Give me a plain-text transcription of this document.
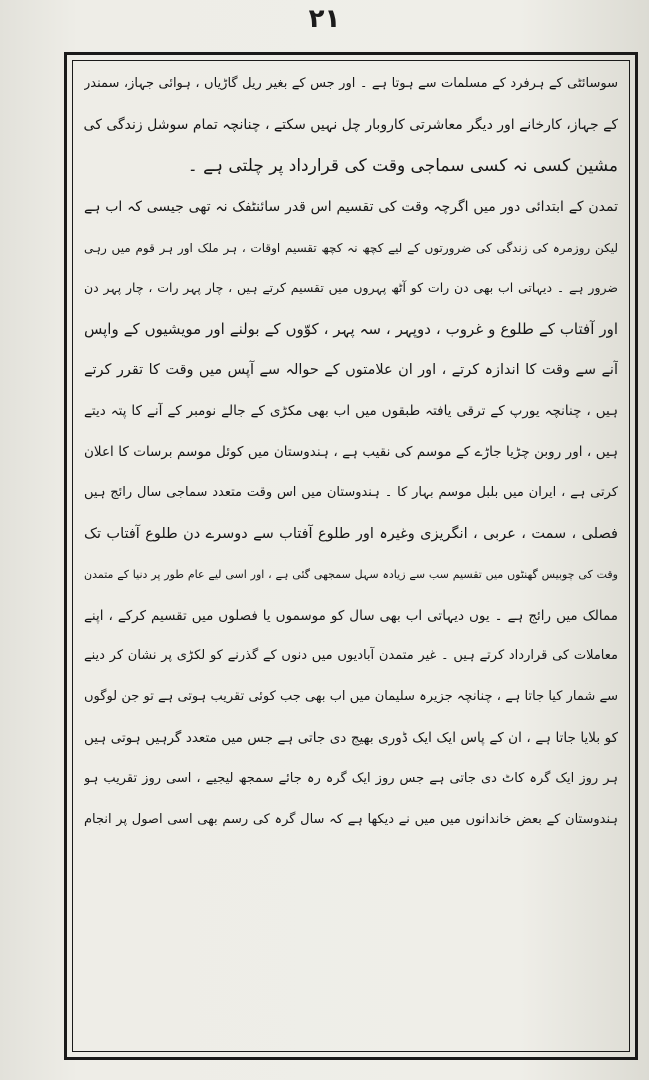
۲۱
سوسائٹی کے ہرفرد کے مسلمات سے ہوتا ہے ۔ اور جس کے بغیر ریل گاڑیاں ، ہوائی جہاز، سمندر
کے جہاز، کارخانے اور دیگر معاشرتی کاروبار چل نہیں سکتے ، چنانچہ تمام سوشل زندگی کی
مشین کسی نہ کسی سماجی وقت کی قرارداد پر چلتی ہے ۔
تمدن کے ابتدائی دور میں اگرچہ وقت کی تقسیم اس قدر سائنٹفک نہ تھی جیسی کہ اب ہے
لیکن روزمرہ کی زندگی کی ضرورتوں کے لیے کچھ نہ کچھ تقسیم اوقات ، ہر ملک اور ہر قوم میں رہی
ضرور ہے ۔ دیہاتی اب بھی دن رات کو آٹھ پہروں میں تقسیم کرتے ہیں ، چار پہر رات ، چار پہر دن
اور آفتاب کے طلوع و غروب ، دوپہر ، سہ پہر ، کوّوں کے بولنے اور مویشیوں کے واپس
آنے سے وقت کا اندازہ کرتے ، اور ان علامتوں کے حوالہ سے آپس میں وقت کا تقرر کرتے
ہیں ، چنانچہ یورپ کے ترقی یافتہ طبقوں میں اب بھی مکڑی کے جالے نومبر کے آنے کا پتہ دیتے
ہیں ، اور روبن چڑیا جاڑے کے موسم کی نقیب ہے ، ہندوستان میں کوئل موسم برسات کا اعلان
کرتی ہے ، ایران میں بلبل موسم بہار کا ۔ ہندوستان میں اس وقت متعدد سماجی سال رائج ہیں
فصلی ، سمت ، عربی ، انگریزی وغیرہ اور طلوع آفتاب سے دوسرے دن طلوع آفتاب تک
وقت کی چوبیس گھنٹوں میں تقسیم سب سے زیادہ سہل سمجھی گئی ہے ، اور اسی لیے عام طور پر دنیا کے متمدن
ممالک میں رائج ہے ۔ یوں دیہاتی اب بھی سال کو موسموں یا فصلوں میں تقسیم کرکے ، اپنے
معاملات کی قرارداد کرتے ہیں ۔ غیر متمدن آبادیوں میں دنوں کے گذرنے کو لکڑی پر نشان کر دینے
سے شمار کیا جاتا ہے ، چنانچہ جزیرہ سلیمان میں اب بھی جب کوئی تقریب ہوتی ہے تو جن لوگوں
کو بلایا جاتا ہے ، ان کے پاس ایک ایک ڈوری بھیج دی جاتی ہے جس میں متعدد گرہیں ہوتی ہیں
ہر روز ایک گرہ کاٹ دی جاتی ہے جس روز ایک گرہ رہ جائے سمجھ لیجیے ، اسی روز تقریب ہو
ہندوستان کے بعض خاندانوں میں میں نے دیکھا ہے کہ سال گرہ کی رسم بھی اسی اصول پر انجام
